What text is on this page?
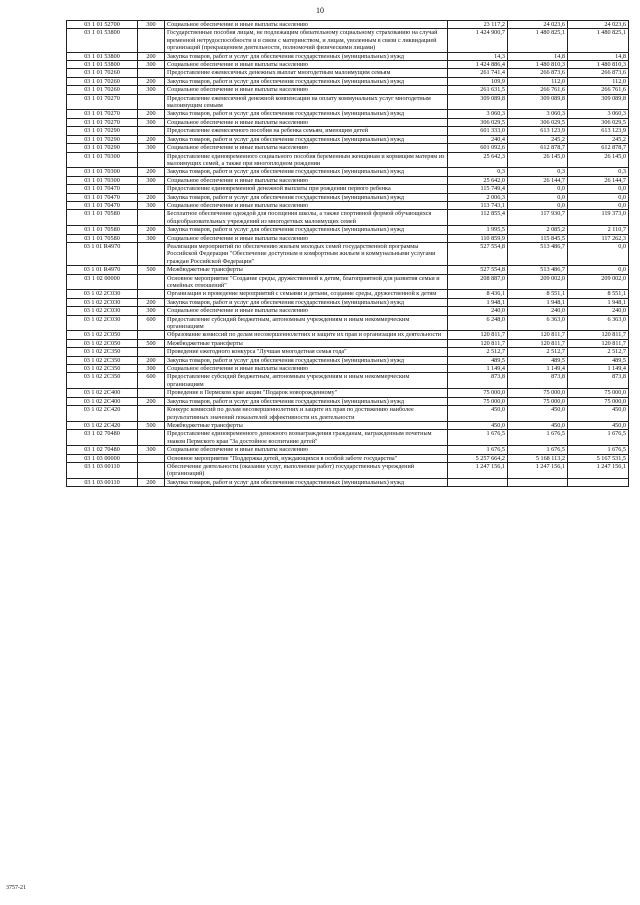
10
03 1 01 52700	300	Социальное обеспечение и иные выплаты населению	23 117,2	24 023,6	24 023,6
03 1 01 53800		Государственные пособия лицам, не подлежащим обязательному социальному страхованию на случай временной нетрудоспособности и в связи с материнством, и лицам, уволенным в связи с ликвидацией организаций (прекращением деятельности, полномочий физическими лицами)	1 424 900,7	1 480 825,1	1 480 825,1
03 1 01 53800	200	Закупка товаров, работ и услуг для обеспечения государственных (муниципальных) нужд	14,3	14,8	14,8
03 1 01 53800	300	Социальное обеспечение и иные выплаты населению	1 424 886,4	1 480 810,3	1 480 810,3
03 1 01 70260		Предоставление ежемесячных денежных выплат многодетным малоимущим семьям	261 741,4	266 873,6	266 873,6
03 1 01 70260	200	Закупка товаров, работ и услуг для обеспечения государственных (муниципальных) нужд	109,9	112,0	112,0
03 1 01 70260	300	Социальное обеспечение и иные выплаты населению	261 631,5	266 761,6	266 761,6
03 1 01 70270		Предоставление ежемесячной денежной компенсации на оплату коммунальных услуг многодетным малоимущим семьям	309 089,8	309 089,8	309 089,8
03 1 01 70270	200	Закупка товаров, работ и услуг для обеспечения государственных (муниципальных) нужд	3 060,3	3 060,3	3 060,3
03 1 01 70270	300	Социальное обеспечение и иные выплаты населению	306 029,5	306 029,5	306 029,5
03 1 01 70290		Предоставление ежемесячного пособия на ребенка семьям, имеющим детей	601 333,0	613 123,9	613 123,9
03 1 01 70290	200	Закупка товаров, работ и услуг для обеспечения государственных (муниципальных) нужд	240,4	245,2	245,2
03 1 01 70290	300	Социальное обеспечение и иные выплаты населению	601 092,6	612 878,7	612 878,7
03 1 01 70300		Предоставление единовременного социального пособия беременным женщинам и кормящим матерям из малоимущих семей, а также при многоплодном рождении	25 642,3	26 145,0	26 145,0
03 1 01 70300	200	Закупка товаров, работ и услуг для обеспечения государственных (муниципальных) нужд	0,3	0,3	0,3
03 1 01 70300	300	Социальное обеспечение и иные выплаты населению	25 642,0	26 144,7	26 144,7
03 1 01 70470		Предоставление единовременной денежной выплаты при рождении первого ребенка	115 749,4	0,0	0,0
03 1 01 70470	200	Закупка товаров, работ и услуг для обеспечения государственных (муниципальных) нужд	2 006,3	0,0	0,0
03 1 01 70470	300	Социальное обеспечение и иные выплаты населению	113 743,1	0,0	0,0
03 1 01 70580		Бесплатное обеспечение одеждой для посещения школы, а также спортивной формой обучающихся общеобразовательных учреждений из многодетных малоимущих семей	112 855,4	117 930,7	119 373,0
03 1 01 70580	200	Закупка товаров, работ и услуг для обеспечения государственных (муниципальных) нужд	1 995,5	2 085,2	2 110,7
03 1 01 70580	300	Социальное обеспечение и иные выплаты населению	110 859,9	115 845,5	117 262,3
03 1 01 R4970		Реализация мероприятий по обеспечению жильем молодых семей государственной программы Российской Федерации "Обеспечение доступным и комфортным жильем и коммунальными услугами граждан Российской Федерации"	527 554,8	513 486,7	0,0
03 1 01 R4970	500	Межбюджетные трансферты	527 554,8	513 486,7	0,0
03 1 02 00000		Основное мероприятие "Создание среды, дружественной к детям, благоприятной для развития семьи и семейных отношений"	208 887,0	209 002,0	209 002,0
03 1 02 2C030		Организация и проведение мероприятий с семьями и детьми, создание среды, дружественной к детям	8 436,1	8 551,1	8 551,1
03 1 02 2C030	200	Закупка товаров, работ и услуг для обеспечения государственных (муниципальных) нужд	1 948,1	1 948,1	1 948,1
03 1 02 2C030	300	Социальное обеспечение и иные выплаты населению	240,0	240,0	240,0
03 1 02 2C030	600	Предоставление субсидий бюджетным, автономным учреждениям и иным некоммерческим организациям	6 248,0	6 363,0	6 363,0
03 1 02 2C050		Образование комиссий по делам несовершеннолетних и защите их прав и организация их деятельности	120 811,7	120 811,7	120 811,7
03 1 02 2C050	500	Межбюджетные трансферты	120 811,7	120 811,7	120 811,7
03 1 02 2C350		Проведение ежегодного конкурса "Лучшая многодетная семья года"	2 512,7	2 512,7	2 512,7
03 1 02 2C350	200	Закупка товаров, работ и услуг для обеспечения государственных (муниципальных) нужд	489,5	489,5	489,5
03 1 02 2C350	300	Социальное обеспечение и иные выплаты населению	1 149,4	1 149,4	1 149,4
03 1 02 2C350	600	Предоставление субсидий бюджетным, автономным учреждениям и иным некоммерческим организациям	873,8	873,8	873,8
03 1 02 2C400		Проведение в Пермском крае акции "Подарок новорожденному"	75 000,0	75 000,0	75 000,0
03 1 02 2C400	200	Закупка товаров, работ и услуг для обеспечения государственных (муниципальных) нужд	75 000,0	75 000,0	75 000,0
03 1 02 2C420		Конкурс комиссий по делам несовершеннолетних и защите их прав по достижению наиболее результативных значений показателей эффективности их деятельности	450,0	450,0	450,0
03 1 02 2C420	500	Межбюджетные трансферты	450,0	450,0	450,0
03 1 02 70480		Предоставление единовременного денежного вознаграждения гражданам, награжденным почетным знаком Пермского края "За достойное воспитание детей"	1 676,5	1 676,5	1 676,5
03 1 02 70480	300	Социальное обеспечение и иные выплаты населению	1 676,5	1 676,5	1 676,5
03 1 03 00000		Основное мероприятие "Поддержка детей, нуждающихся в особой заботе государства"	5 257 664,2	5 168 113,2	5 167 531,5
03 1 03 00110		Обеспечение деятельности (оказание услуг, выполнение работ) государственных учреждений (организаций)	1 247 156,1	1 247 156,1	1 247 156,1
03 1 03 00110	200	Закупка товаров, работ и услуг для обеспечения государственных (муниципальных) нужд			
3757-21
